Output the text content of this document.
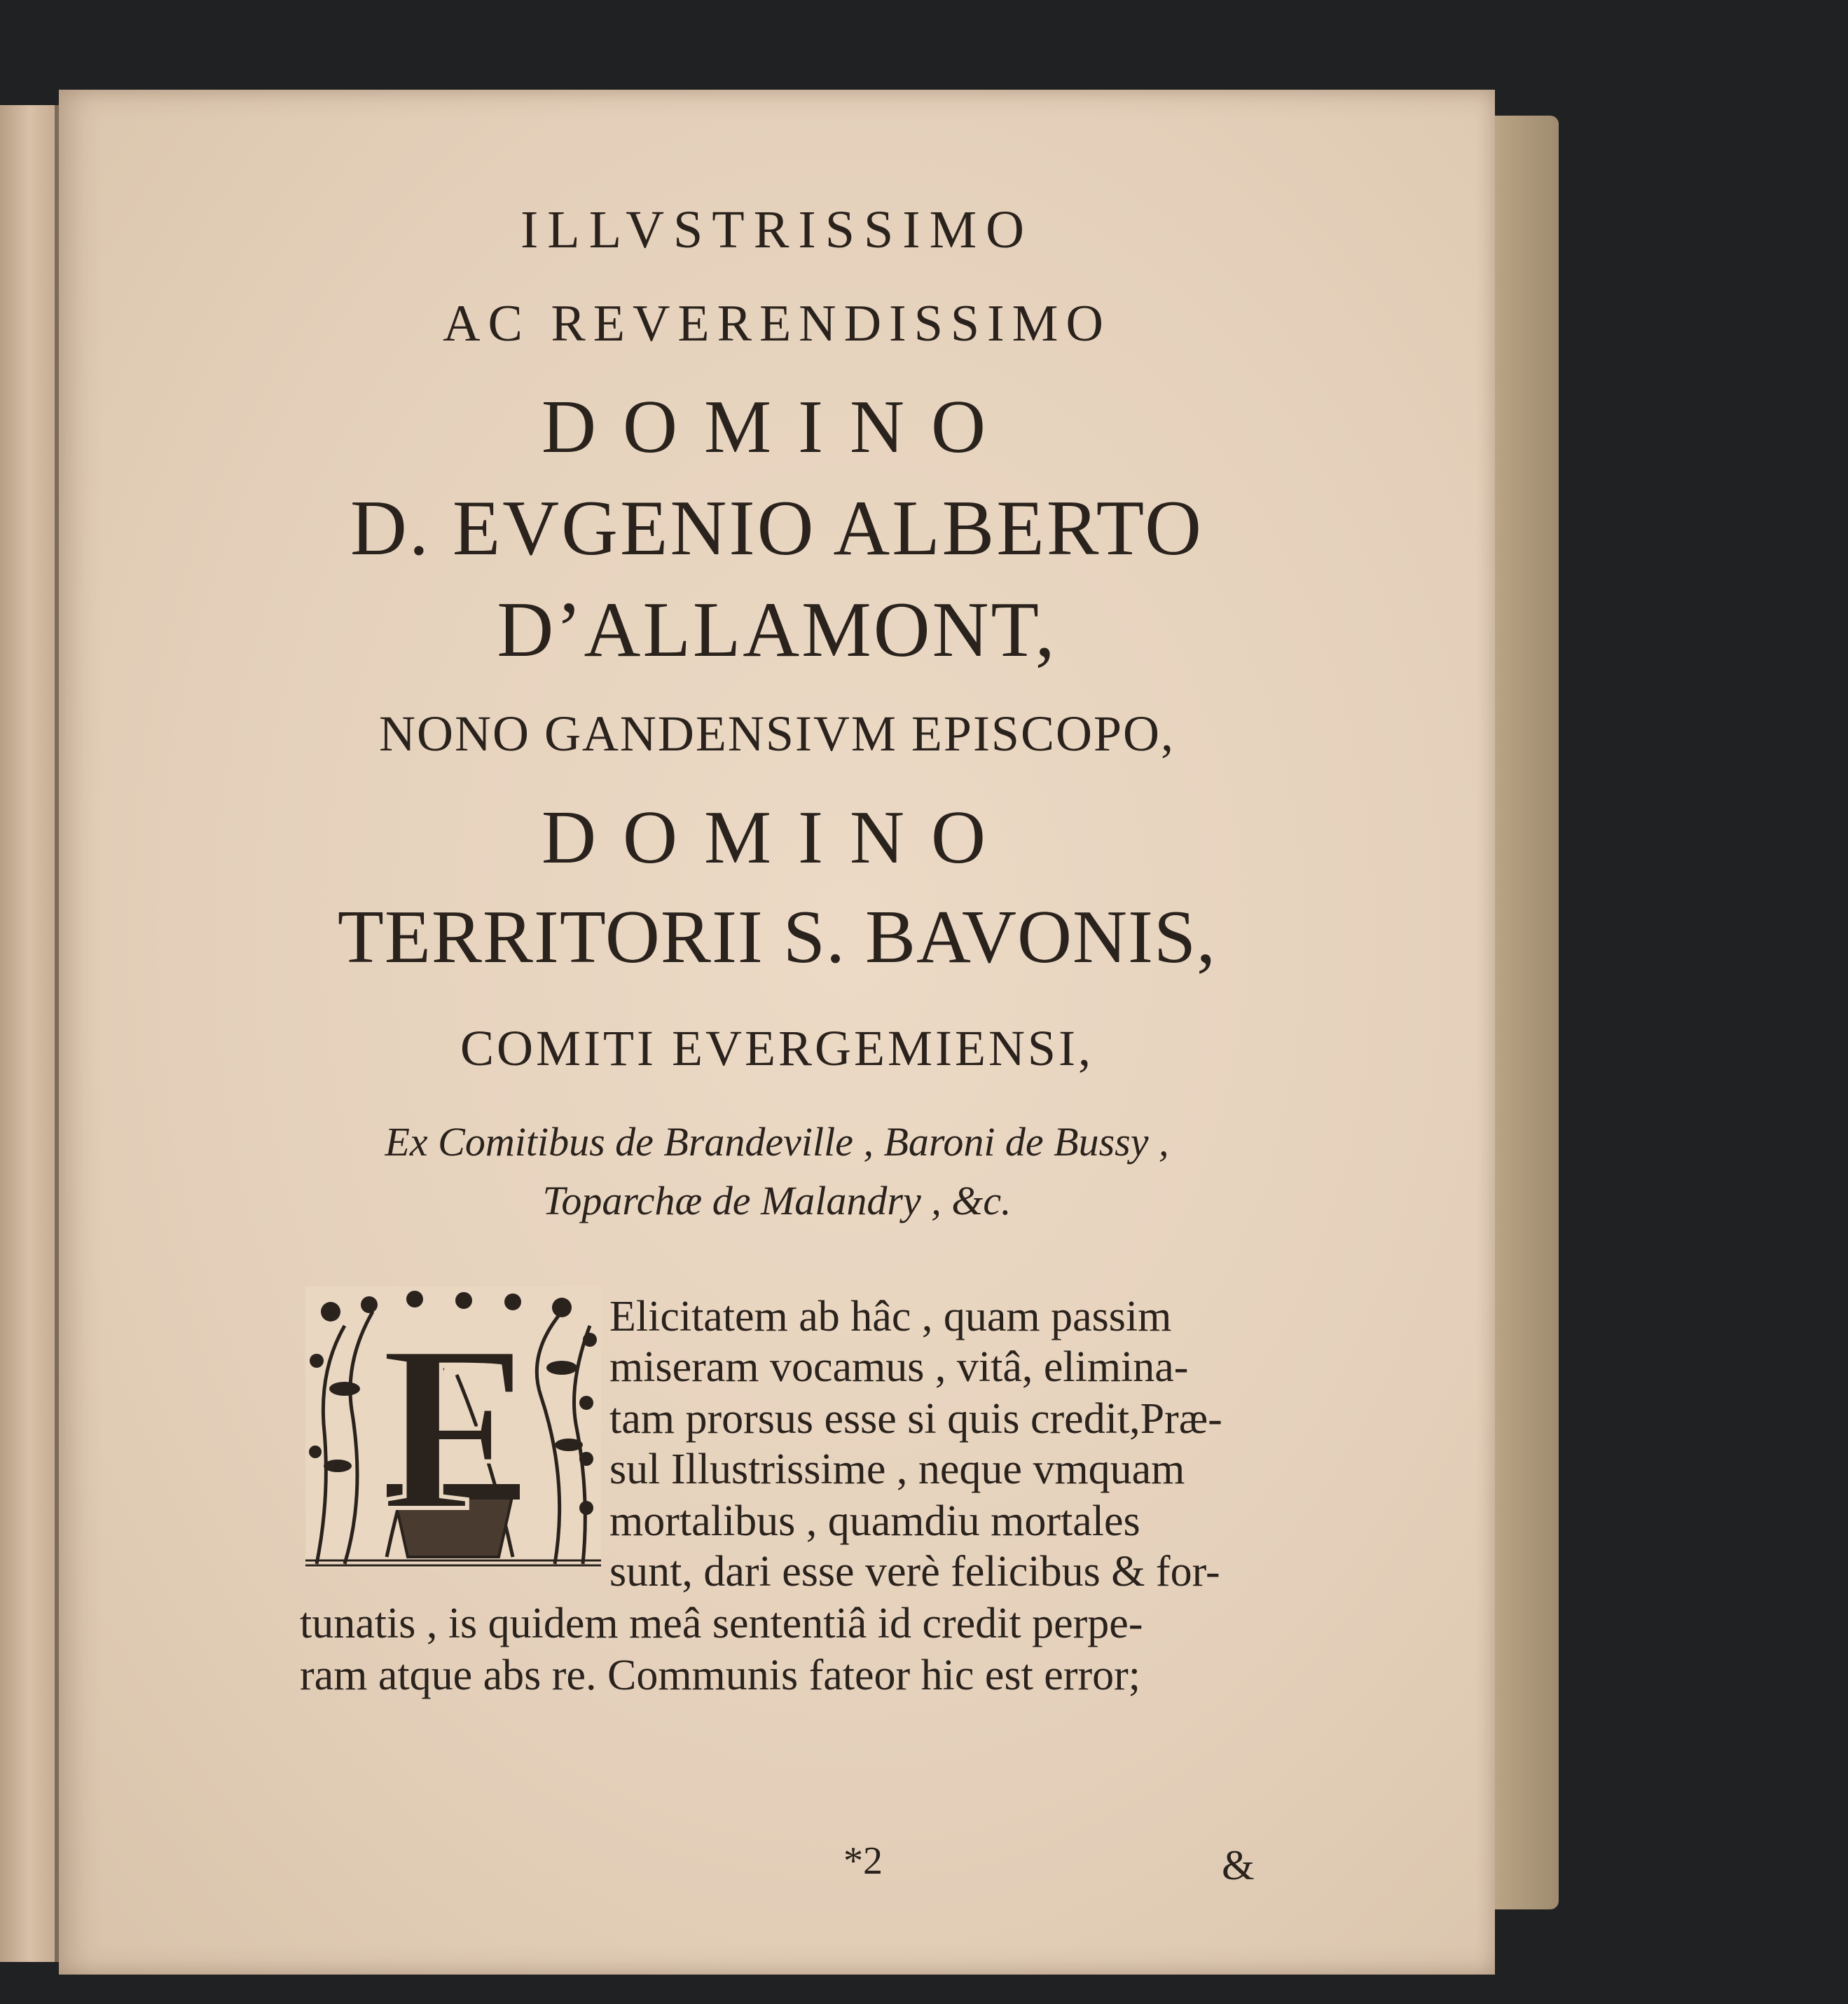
ILLVSTRISSIMO
AC REVERENDISSIMO
DOMINO
D. EVGENIO ALBERTO
D’ALLAMONT,
NONO GANDENSIVM EPISCOPO,
DOMINO
TERRITORII S. BAVONIS,
COMITI EVERGEMIENSI,
Ex Comitibus de Brandeville , Baroni de Bussy ,
Toparchæ de Malandry , &c.
F Elicitatem ab hâc , quam passim
miseram vocamus , vitâ, elimina-
tam prorsus esse si quis credit,Præ-
sul Illustrissime , neque vmquam
mortalibus , quamdiu mortales
sunt, dari esse verè felicibus & for-
tunatis , is quidem meâ sententiâ id credit perpe-
ram atque abs re. Communis fateor hic est error;
*2	&
